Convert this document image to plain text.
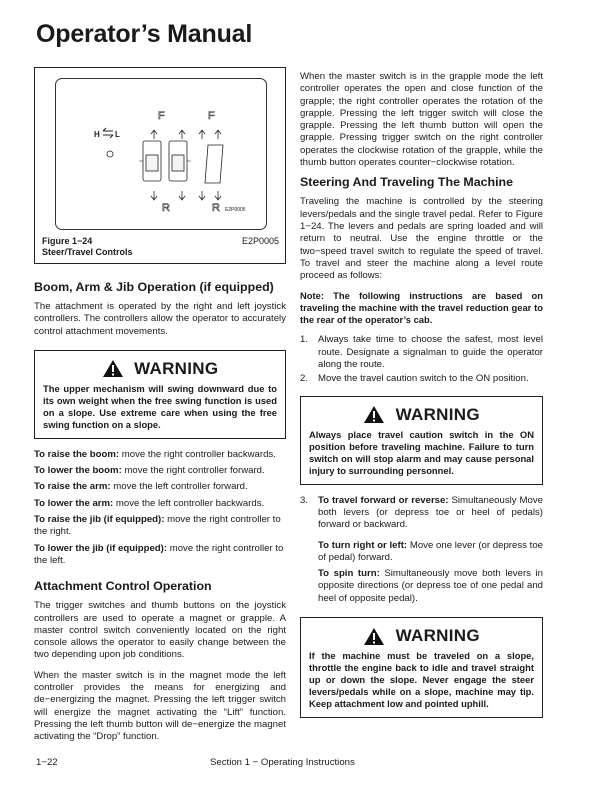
Operator’s Manual
H L
F	F
R	R E2P0005
Figure 1−24
Steer/Travel Controls
E2P0005
Boom, Arm & Jib Operation (if equipped)

The attachment is operated by the right and left joystick controllers. The controllers allow the operator to accurately control attachment movements.

WARNING
The upper mechanism will swing downward due to its own weight when the free swing function is used on a slope. Use extreme care when using the free swing function on a slope.
To raise the boom: move the right controller backwards.
To lower the boom: move the right controller forward.
To raise the arm: move the left controller forward.
To lower the arm: move the left controller backwards.
To raise the jib (if equipped): move the right controller to the right.
To lower the jib (if equipped): move the right controller to the left.
Attachment Control Operation

The trigger switches and thumb buttons on the joystick controllers are used to operate a magnet or grapple. A master control switch conveniently located on the right console allows the operator to easily change between the two depending upon job conditions.

When the master switch is in the magnet mode the left controller provides the means for energizing and de−energizing the magnet. Pressing the left trigger switch will energize the magnet activating the “Lift” function. Pressing the left thumb button will de−energize the magnet activating the “Drop” function.

When the master switch is in the grapple mode the left controller operates the open and close function of the grapple; the right controller operates the rotation of the grapple. Pressing the left trigger switch will close the grapple. Pressing the left thumb button will open the grapple. Pressing trigger switch on the right controller operates the clockwise rotation of the grapple, while the thumb button operates counter−clockwise rotation.

Steering And Traveling The Machine

Traveling the machine is controlled by the steering levers/pedals and the single travel pedal. Refer to Figure 1−24. The levers and pedals are spring loaded and will return to neutral. Use the engine throttle or the two−speed travel switch to regulate the speed of travel. To travel and steer the machine along a level route proceed as follows:

Note: The following instructions are based on traveling the machine with the travel reduction gear to the rear of the operator’s cab.
1. Always take time to choose the safest, most level route. Designate a signalman to guide the operator along the route.
2. Move the travel caution switch to the ON position.
WARNING
Always place travel caution switch in the ON position before traveling machine. Failure to turn switch on will stop alarm and may cause personal injury to surrounding personnel.
3. To travel forward or reverse: Simultaneously Move both levers (or depress toe or heel of pedals) forward or backward.
To turn right or left: Move one lever (or depress toe of pedal) forward.
To spin turn: Simultaneously move both levers in opposite directions (or depress toe of one pedal and heel of opposite pedal).
WARNING
If the machine must be traveled on a slope, throttle the engine back to idle and travel straight up or down the slope. Never engage the steer levers/pedals while on a slope, machine may tip. Keep attachment low and pointed uphill.
1−22	Section 1 − Operating Instructions
